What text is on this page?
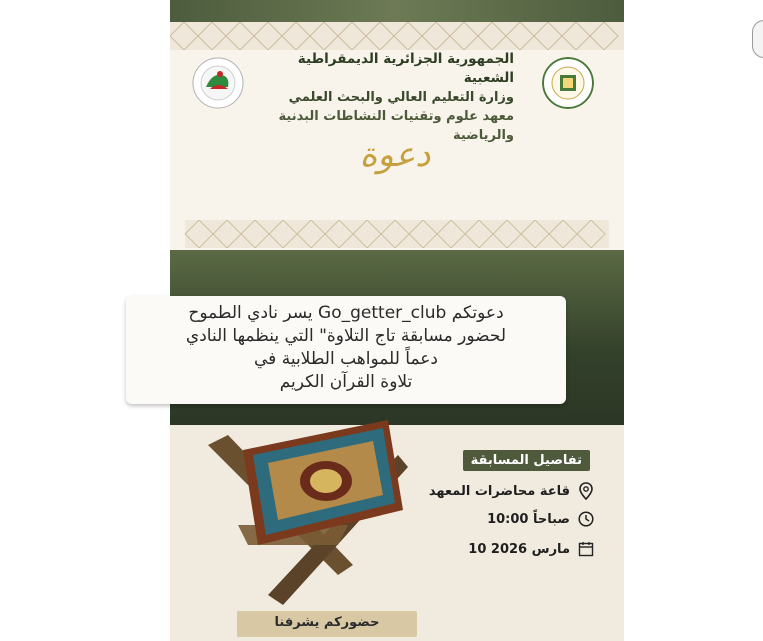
الجمهورية الجزائرية الديمقراطية الشعبية
وزارة التعليم العالي والبحث العلمي
معهد علوم وتقنيات النشاطات البدنية والرياضية
دعوة
تفاصيل المسابقة
قاعة محاضرات المعهد
10:00 صباحاً
10 مارس 2026
يسر نادي الطموح Go_getter_club دعوتكم
لحضور مسابقة تاج التلاوة" التي ينظمها النادي
دعماً للمواهب الطلابية في
تلاوة القرآن الكريم
حضوركم يشرفنا
